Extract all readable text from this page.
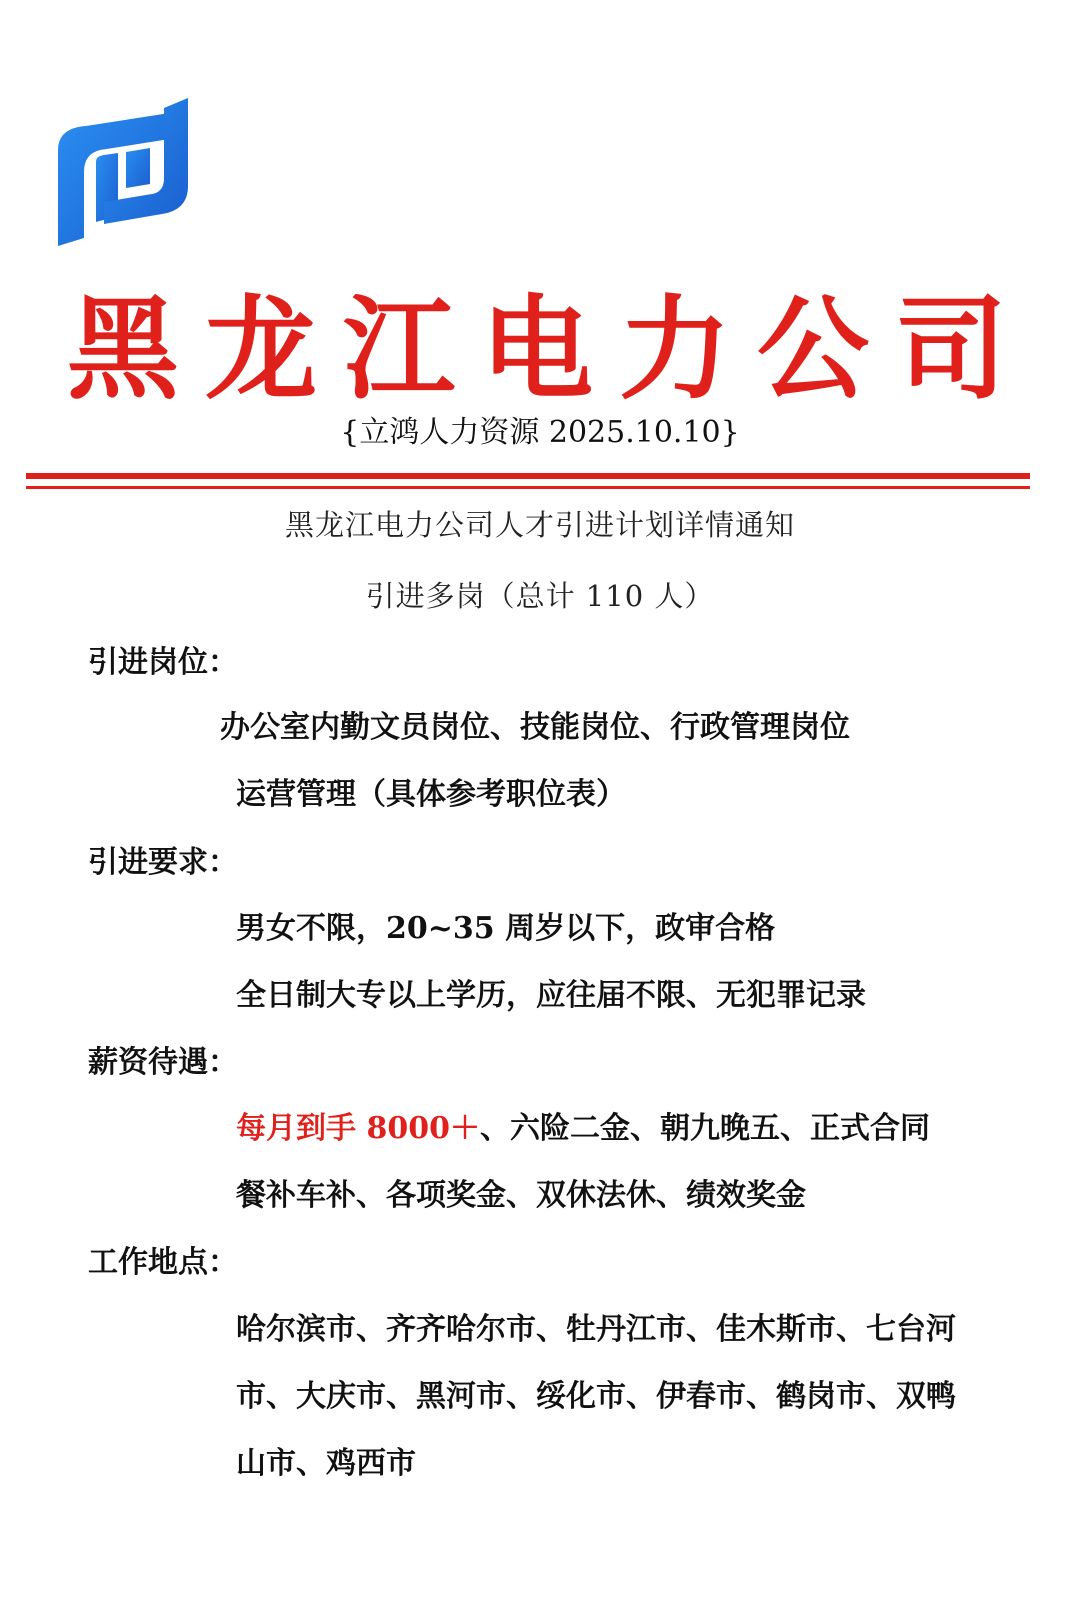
黑龙江电力公司
{立鸿人力资源 2025.10.10}
黑龙江电力公司人才引进计划详情通知
引进多岗（总计 110 人）
引进岗位：
办公室内勤文员岗位、技能岗位、行政管理岗位
运营管理（具体参考职位表）
引进要求：
男女不限，20~35 周岁以下，政审合格
全日制大专以上学历，应往届不限、无犯罪记录
薪资待遇：
每月到手 8000＋、六险二金、朝九晚五、正式合同
餐补车补、各项奖金、双休法休、绩效奖金
工作地点：
哈尔滨市、齐齐哈尔市、牡丹江市、佳木斯市、七台河
市、大庆市、黑河市、绥化市、伊春市、鹤岗市、双鸭
山市、鸡西市
